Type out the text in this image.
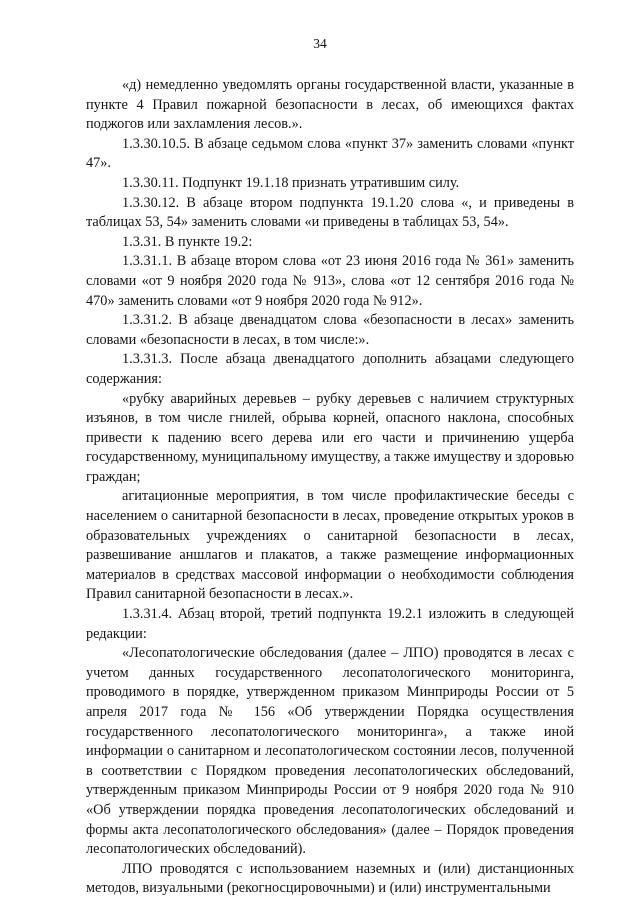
34

«д) немедленно уведомлять органы государственной власти, указанные в пункте 4 Правил пожарной безопасности в лесах, об имеющихся фактах поджогов или захламления лесов.».

1.3.30.10.5. В абзаце седьмом слова «пункт 37» заменить словами «пункт 47».

1.3.30.11. Подпункт 19.1.18 признать утратившим силу.

1.3.30.12. В абзаце втором подпункта 19.1.20 слова «, и приведены в таблицах 53, 54» заменить словами «и приведены в таблицах 53, 54».

1.3.31. В пункте 19.2:

1.3.31.1. В абзаце втором слова «от 23 июня 2016 года № 361» заменить словами «от 9 ноября 2020 года № 913», слова «от 12 сентября 2016 года № 470» заменить словами «от 9 ноября 2020 года № 912».

1.3.31.2. В абзаце двенадцатом слова «безопасности в лесах» заменить словами «безопасности в лесах, в том числе:».

1.3.31.3. После абзаца двенадцатого дополнить абзацами следующего содержания:

«рубку аварийных деревьев – рубку деревьев с наличием структурных изъянов, в том числе гнилей, обрыва корней, опасного наклона, способных привести к падению всего дерева или его части и причинению ущерба государственному, муниципальному имуществу, а также имуществу и здоровью граждан;

агитационные мероприятия, в том числе профилактические беседы с населением о санитарной безопасности в лесах, проведение открытых уроков в образовательных учреждениях о санитарной безопасности в лесах, развешивание аншлагов и плакатов, а также размещение информационных материалов в средствах массовой информации о необходимости соблюдения Правил санитарной безопасности в лесах.».

1.3.31.4. Абзац второй, третий подпункта 19.2.1 изложить в следующей редакции:

«Лесопатологические обследования (далее – ЛПО) проводятся в лесах с учетом данных государственного лесопатологического мониторинга, проводимого в порядке, утвержденном приказом Минприроды России от 5 апреля 2017 года № 156 «Об утверждении Порядка осуществления государственного лесопатологического мониторинга», а также иной информации о санитарном и лесопатологическом состоянии лесов, полученной в соответствии с Порядком проведения лесопатологических обследований, утвержденным приказом Минприроды России от 9 ноября 2020 года № 910 «Об утверждении порядка проведения лесопатологических обследований и формы акта лесопатологического обследования» (далее – Порядок проведения лесопатологических обследований).

ЛПО проводятся с использованием наземных и (или) дистанционных методов, визуальными (рекогносцировочными) и (или) инструментальными
